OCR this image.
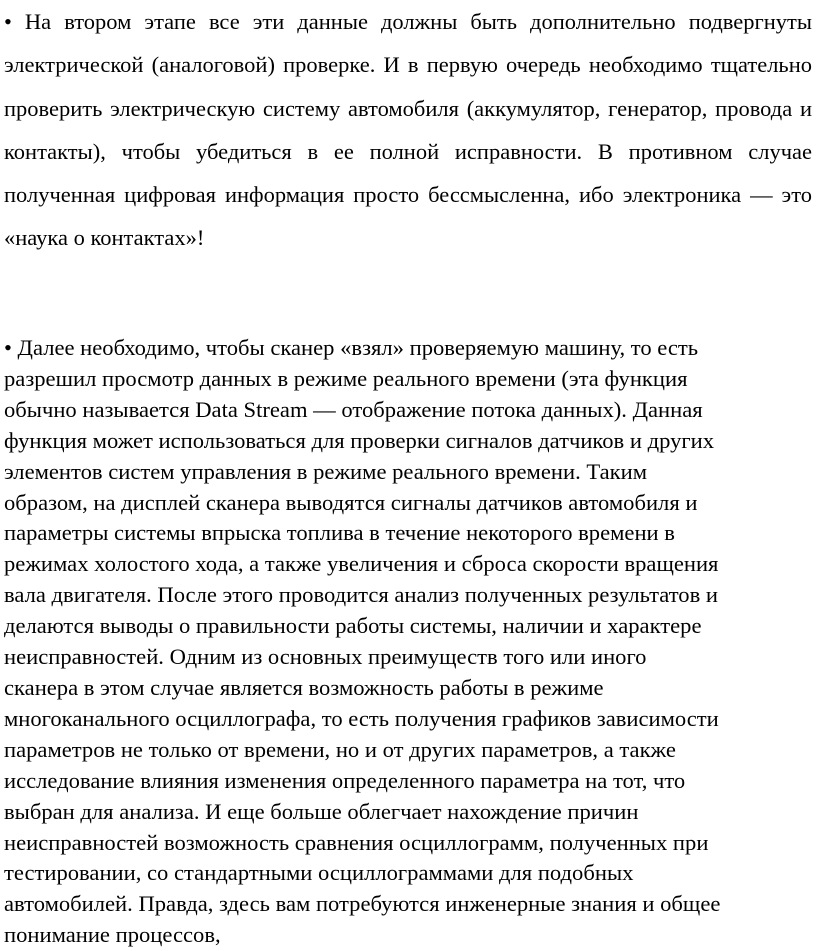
• На втором этапе все эти данные должны быть дополнительно подвергнуты электрической (аналоговой) проверке. И в первую очередь необходимо тщательно проверить электрическую систему автомобиля (аккумулятор, генератор, провода и контакты), чтобы убедиться в ее полной исправности. В противном случае полученная цифровая информация просто бессмысленна, ибо электроника — это «наука о контактах»!

• Далее необходимо, чтобы сканер «взял» проверяемую машину, то есть
разрешил просмотр данных в режиме реального времени (эта функция
обычно называется Data Stream — отображение потока данных). Данная
функция может использоваться для проверки сигналов датчиков и других
элементов систем управления в режиме реального времени. Таким
образом, на дисплей сканера выводятся сигналы датчиков автомобиля и
параметры системы впрыска топлива в течение некоторого времени в
режимах холостого хода, а также увеличения и сброса скорости вращения
вала двигателя. После этого проводится анализ полученных результатов и
делаются выводы о правильности работы системы, наличии и характере
неисправностей. Одним из основных преимуществ того или иного
сканера в этом случае является возможность работы в режиме
многоканального осциллографа, то есть получения графиков зависимости
параметров не только от времени, но и от других параметров, а также
исследование влияния изменения определенного параметра на тот, что
выбран для анализа. И еще больше облегчает нахождение причин
неисправностей возможность сравнения осциллограмм, полученных при
тестировании, со стандартными осциллограммами для подобных
автомобилей. Правда, здесь вам потребуются инженерные знания и общее
понимание процессов,
